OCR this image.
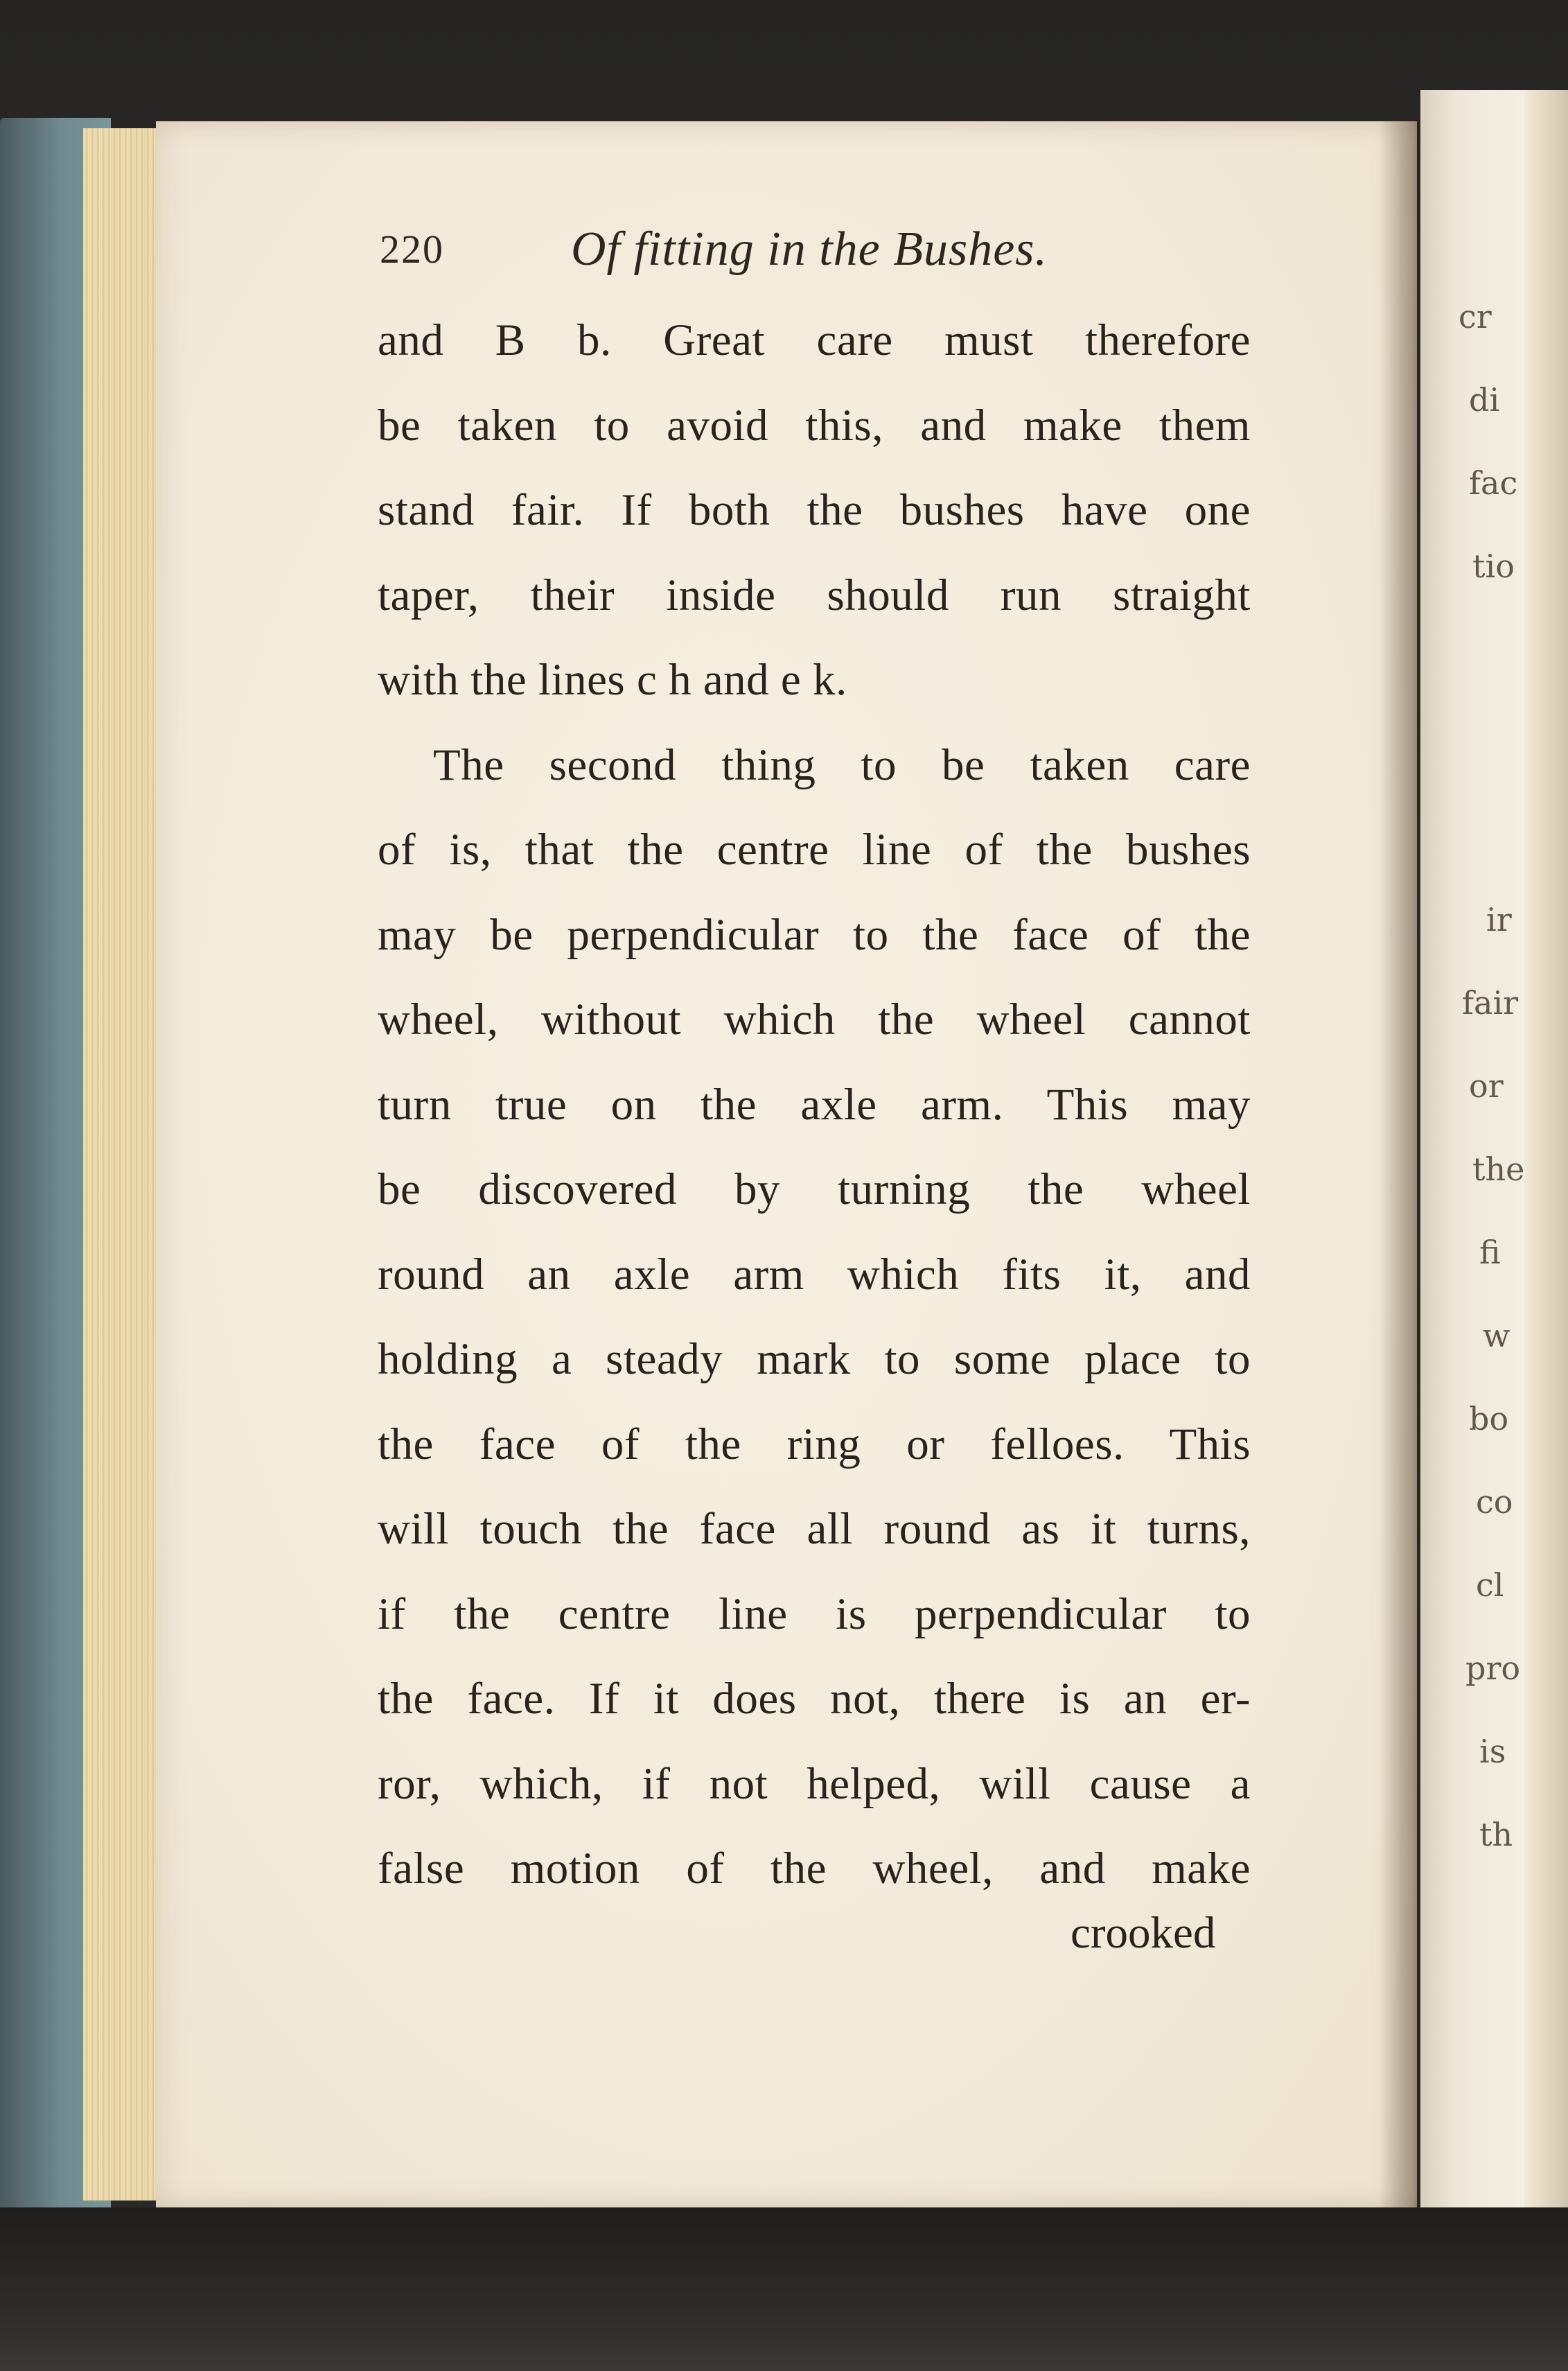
cr
di
fac
tio
ir
fair
or
the
fi
w
bo
co
cl
pro
is
th
220	Of fitting in the Bushes.
and B b. Great care must therefore
be taken to avoid this, and make them
stand fair. If both the bushes have one
taper, their inside should run straight
with the lines c h and e k.
The second thing to be taken care
of is, that the centre line of the bushes
may be perpendicular to the face of the
wheel, without which the wheel cannot
turn true on the axle arm. This may
be discovered by turning the wheel
round an axle arm which fits it, and
holding a steady mark to some place to
the face of the ring or felloes. This
will touch the face all round as it turns,
if the centre line is perpendicular to
the face. If it does not, there is an er-
ror, which, if not helped, will cause a
false motion of the wheel, and make
crooked
